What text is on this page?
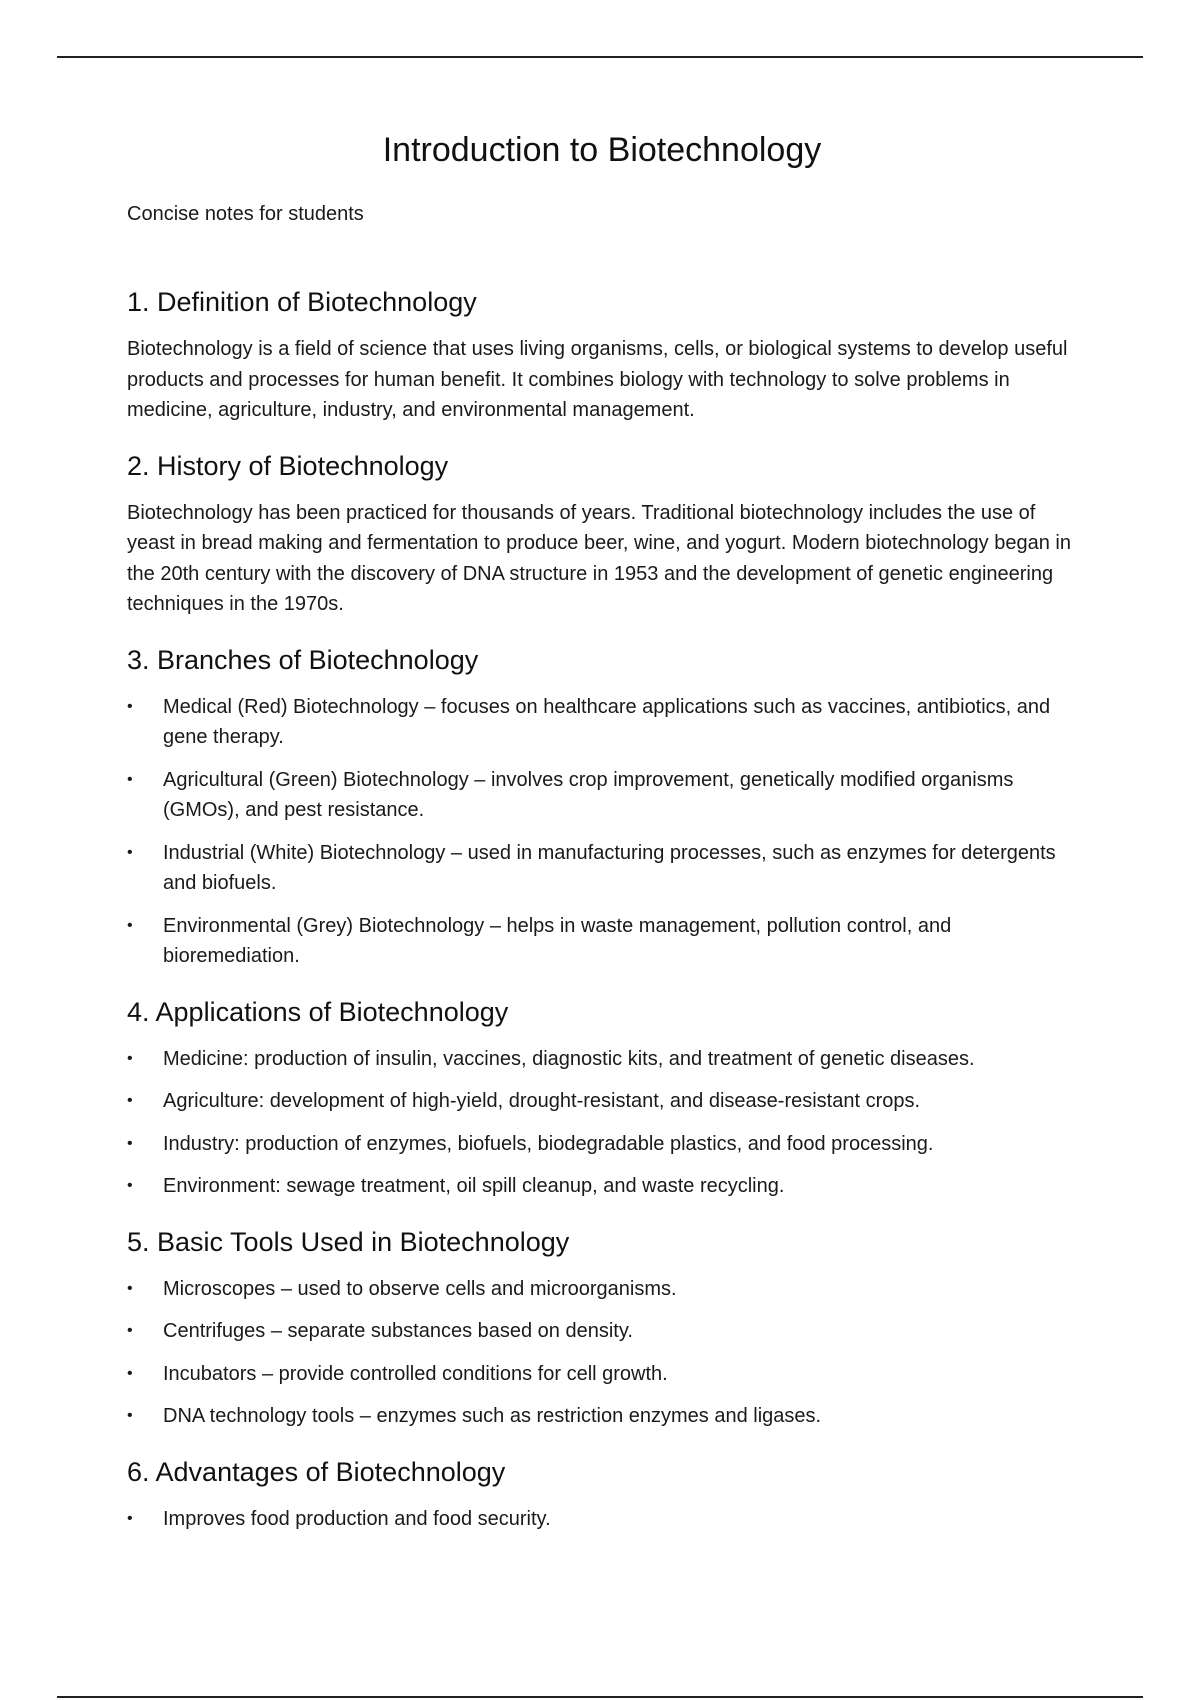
Introduction to Biotechnology

Concise notes for students

1. Definition of Biotechnology

Biotechnology is a field of science that uses living organisms, cells, or biological systems to develop useful products and processes for human benefit. It combines biology with technology to solve problems in medicine, agriculture, industry, and environmental management.

2. History of Biotechnology

Biotechnology has been practiced for thousands of years. Traditional biotechnology includes the use of yeast in bread making and fermentation to produce beer, wine, and yogurt. Modern biotechnology began in the 20th century with the discovery of DNA structure in 1953 and the development of genetic engineering techniques in the 1970s.

3. Branches of Biotechnology
•	Medical (Red) Biotechnology – focuses on healthcare applications such as vaccines, antibiotics, and gene therapy.
•	Agricultural (Green) Biotechnology – involves crop improvement, genetically modified organisms (GMOs), and pest resistance.
•	Industrial (White) Biotechnology – used in manufacturing processes, such as enzymes for detergents and biofuels.
•	Environmental (Grey) Biotechnology – helps in waste management, pollution control, and bioremediation.
4. Applications of Biotechnology
•	Medicine: production of insulin, vaccines, diagnostic kits, and treatment of genetic diseases.
•	Agriculture: development of high-yield, drought-resistant, and disease-resistant crops.
•	Industry: production of enzymes, biofuels, biodegradable plastics, and food processing.
•	Environment: sewage treatment, oil spill cleanup, and waste recycling.
5. Basic Tools Used in Biotechnology
•	Microscopes – used to observe cells and microorganisms.
•	Centrifuges – separate substances based on density.
•	Incubators – provide controlled conditions for cell growth.
•	DNA technology tools – enzymes such as restriction enzymes and ligases.
6. Advantages of Biotechnology
•	Improves food production and food security.
